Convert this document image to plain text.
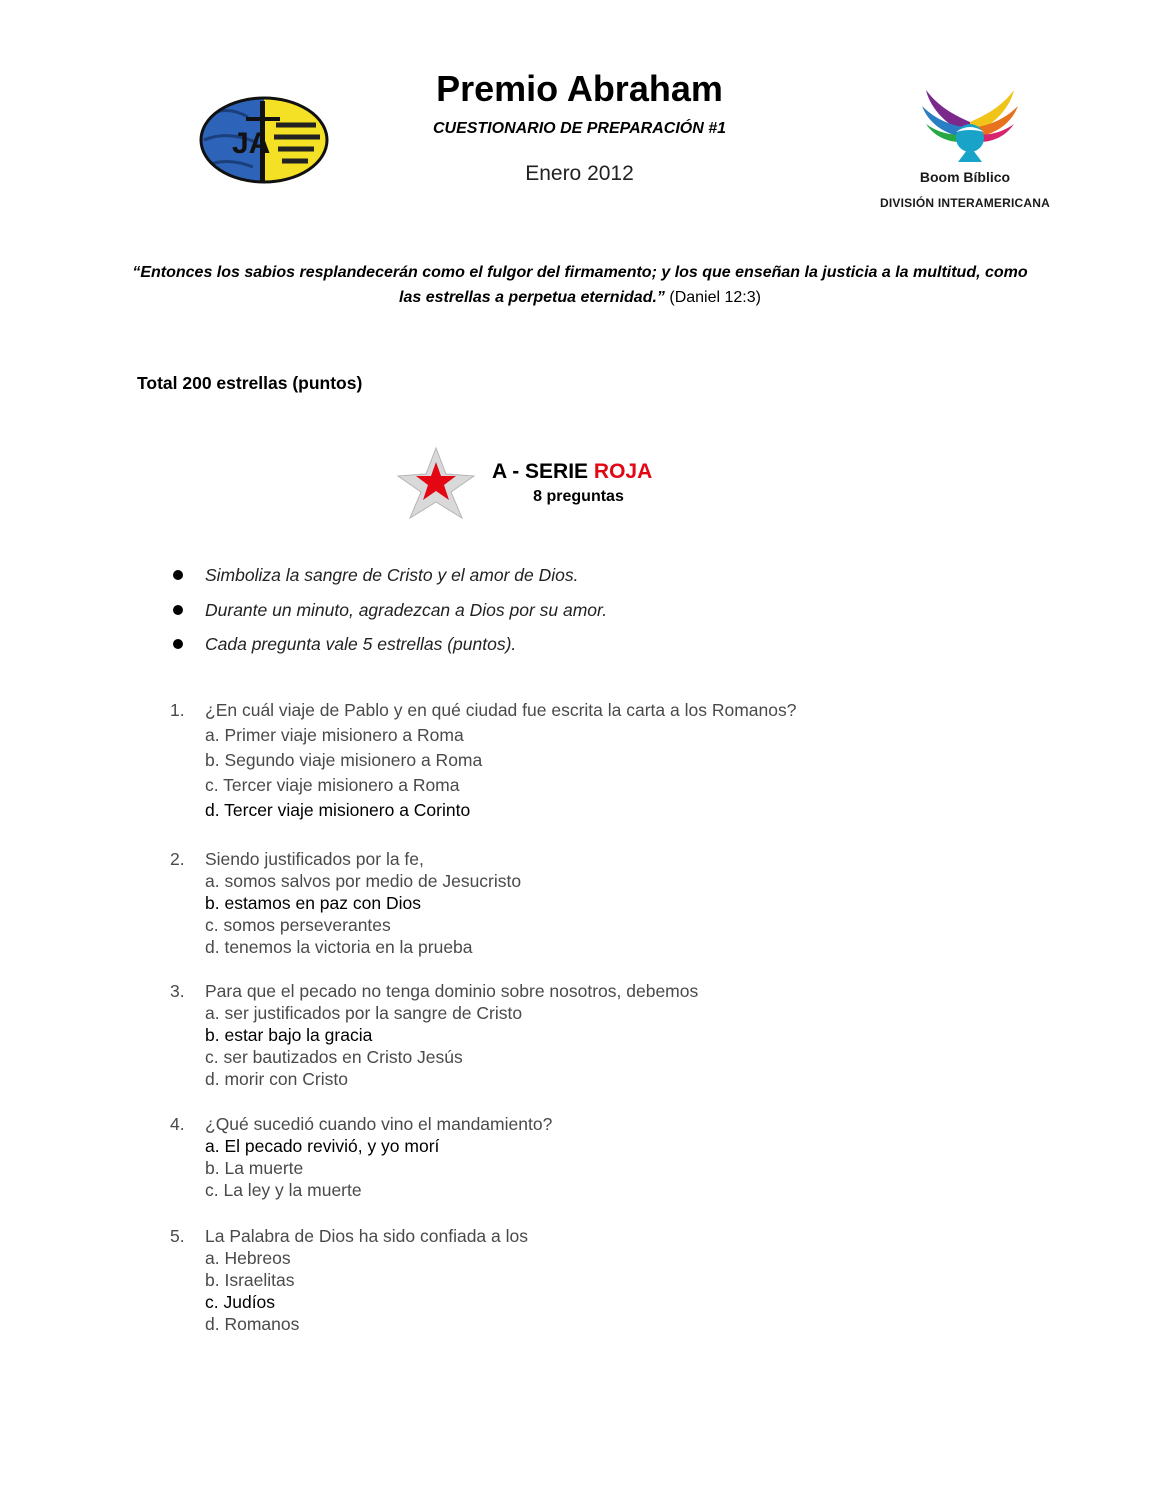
JA
Boom Bíblico
DIVISIÓN INTERAMERICANA
Premio Abraham
CUESTIONARIO DE PREPARACIÓN #1
Enero 2012
“Entonces los sabios resplandecerán como el fulgor del firmamento; y los que enseñan la justicia a la multitud, como las estrellas a perpetua eternidad.” (Daniel 12:3)
Total 200 estrellas (puntos)
A - SERIE ROJA
8 preguntas
Simboliza la sangre de Cristo y el amor de Dios.
Durante un minuto, agradezcan a Dios por su amor.
Cada pregunta vale 5 estrellas (puntos).
1.	¿En cuál viaje de Pablo y en qué ciudad fue escrita la carta a los Romanos?
a. Primer viaje misionero a Roma
b. Segundo viaje misionero a Roma
c. Tercer viaje misionero a Roma
d. Tercer viaje misionero a Corinto
2.	Siendo justificados por la fe,
a. somos salvos por medio de Jesucristo
b. estamos en paz con Dios
c. somos perseverantes
d. tenemos la victoria en la prueba
3.	Para que el pecado no tenga dominio sobre nosotros, debemos
a. ser justificados por la sangre de Cristo
b. estar bajo la gracia
c. ser bautizados en Cristo Jesús
d. morir con Cristo
4.	¿Qué sucedió cuando vino el mandamiento?
a. El pecado revivió, y yo morí
b. La muerte
c. La ley y la muerte
5.	La Palabra de Dios ha sido confiada a los
a. Hebreos
b. Israelitas
c. Judíos
d. Romanos
